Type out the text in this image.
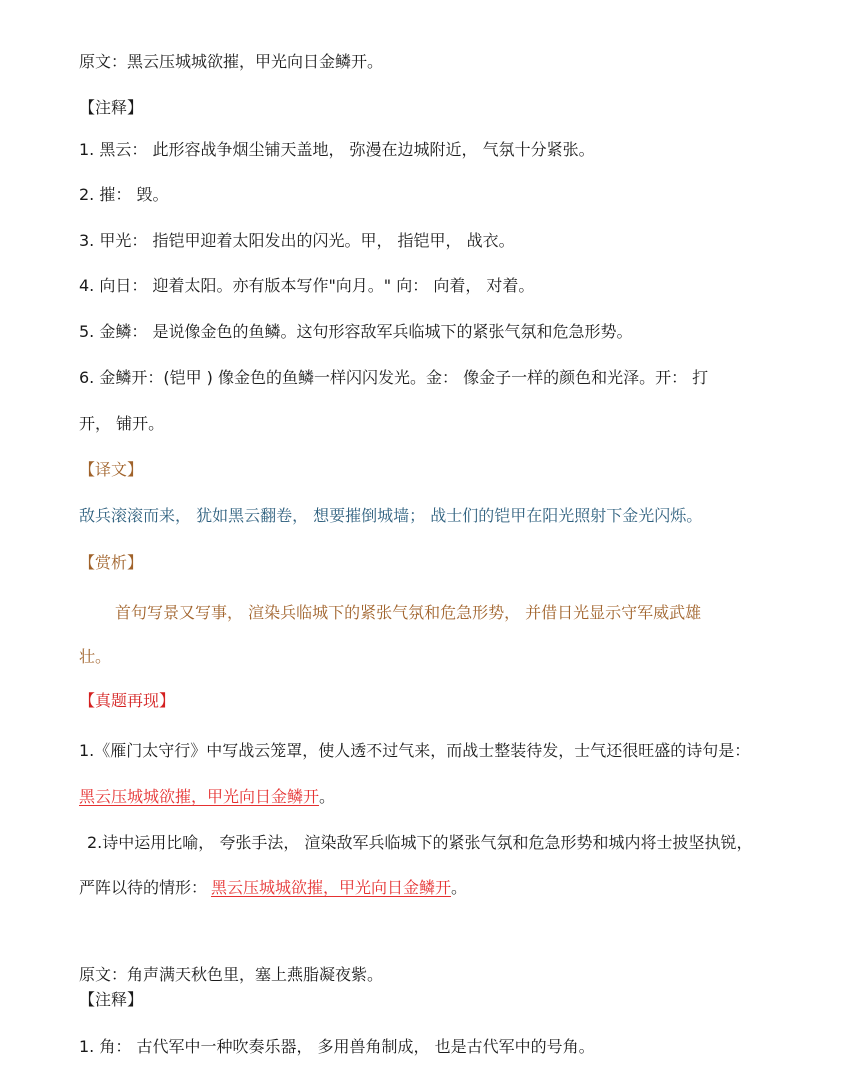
原文：黑云压城城欲摧，甲光向日金鳞开。
【注释】
1. 黑云： 此形容战争烟尘铺天盖地， 弥漫在边城附近， 气氛十分紧张。
2. 摧： 毁。
3. 甲光： 指铠甲迎着太阳发出的闪光。甲， 指铠甲， 战衣。
4. 向日： 迎着太阳。亦有版本写作"向月。" 向： 向着， 对着。
5. 金鳞： 是说像金色的鱼鳞。这句形容敌军兵临城下的紧张气氛和危急形势。
6. 金鳞开：(铠甲 ) 像金色的鱼鳞一样闪闪发光。金： 像金子一样的颜色和光泽。开： 打
开， 铺开。
【译文】
敌兵滚滚而来， 犹如黑云翻卷， 想要摧倒城墙； 战士们的铠甲在阳光照射下金光闪烁。
【赏析】
首句写景又写事， 渲染兵临城下的紧张气氛和危急形势， 并借日光显示守军威武雄
壮。
【真题再现】
1.《雁门太守行》中写战云笼罩，使人透不过气来，而战士整装待发，士气还很旺盛的诗句是：
黑云压城城欲摧，甲光向日金鳞开。
2.诗中运用比喻， 夸张手法， 渲染敌军兵临城下的紧张气氛和危急形势和城内将士披坚执锐，
严阵以待的情形： 黑云压城城欲摧，甲光向日金鳞开。
原文：角声满天秋色里，塞上燕脂凝夜紫。
【注释】
1. 角： 古代军中一种吹奏乐器， 多用兽角制成， 也是古代军中的号角。
